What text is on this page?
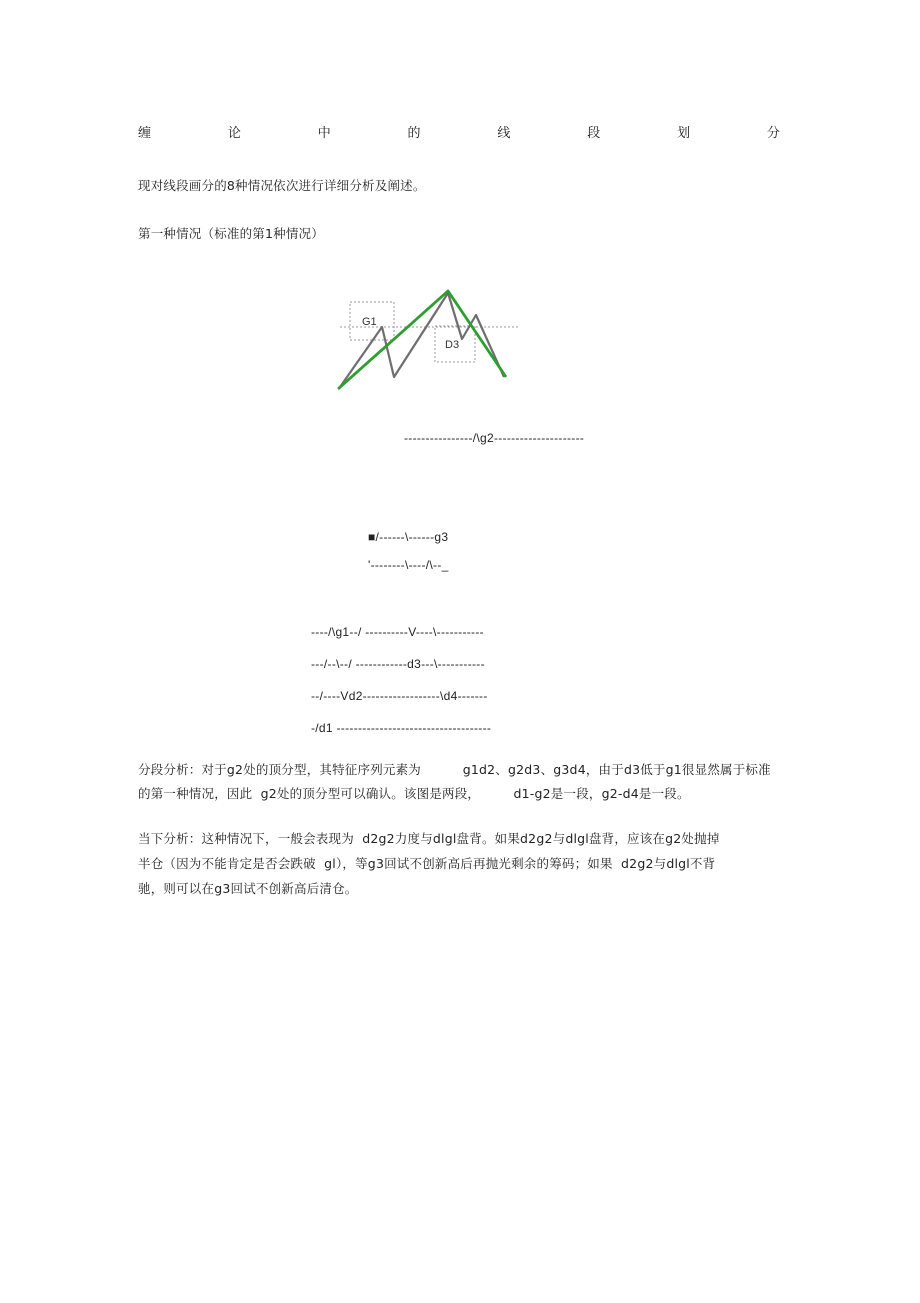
缠	论	中	的	线	段	划	分
现对线段画分的8种情况依次进行详细分析及阐述。
第一种情况（标准的第1种情况）
G1
D3
----------------/\g2---------------------
■/------\------g3
'--------\----/\--_
----/\g1--/ ----------V----\-----------
---/--\--/ ------------d3---\-----------
--/----Vd2------------------\d4-------
-/d1 ------------------------------------
分段分析：对于g2处的顶分型，其特征序列元素为          g1d2、g2d3、g3d4，由于d3低于g1很显然属于标准
的第一种情况，因此  g2处的顶分型可以确认。该图是两段，        d1-g2是一段，g2-d4是一段。
当下分析：这种情况下，一般会表现为  d2g2力度与dlgl盘背。如果d2g2与dlgl盘背，应该在g2处抛掉
半仓（因为不能肯定是否会跌破  gl），等g3回试不创新高后再抛光剩余的筹码；如果  d2g2与dlgl不背
驰，则可以在g3回试不创新高后清仓。
